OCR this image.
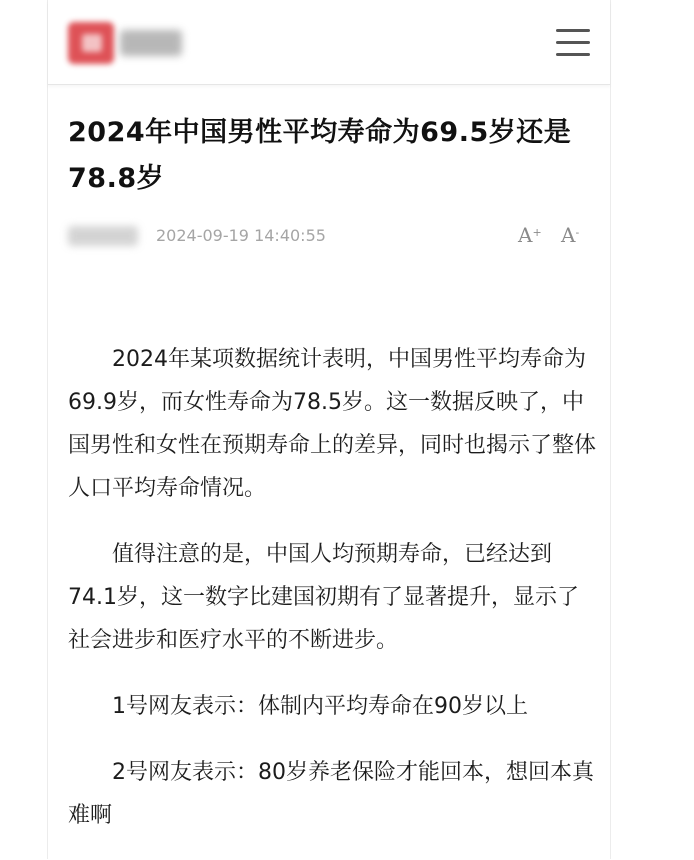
2024年中国男性平均寿命为69.5岁还是78.8岁
2024-09-19 14:40:55	A+ A-

2024年某项数据统计表明，中国男性平均寿命为69.9岁，而女性寿命为78.5岁。这一数据反映了，中国男性和女性在预期寿命上的差异，同时也揭示了整体人口平均寿命情况。

值得注意的是，中国人均预期寿命，已经达到74.1岁，这一数字比建国初期有了显著提升，显示了社会进步和医疗水平的不断进步。

1号网友表示：体制内平均寿命在90岁以上

2号网友表示：80岁养老保险才能回本，想回本真难啊
